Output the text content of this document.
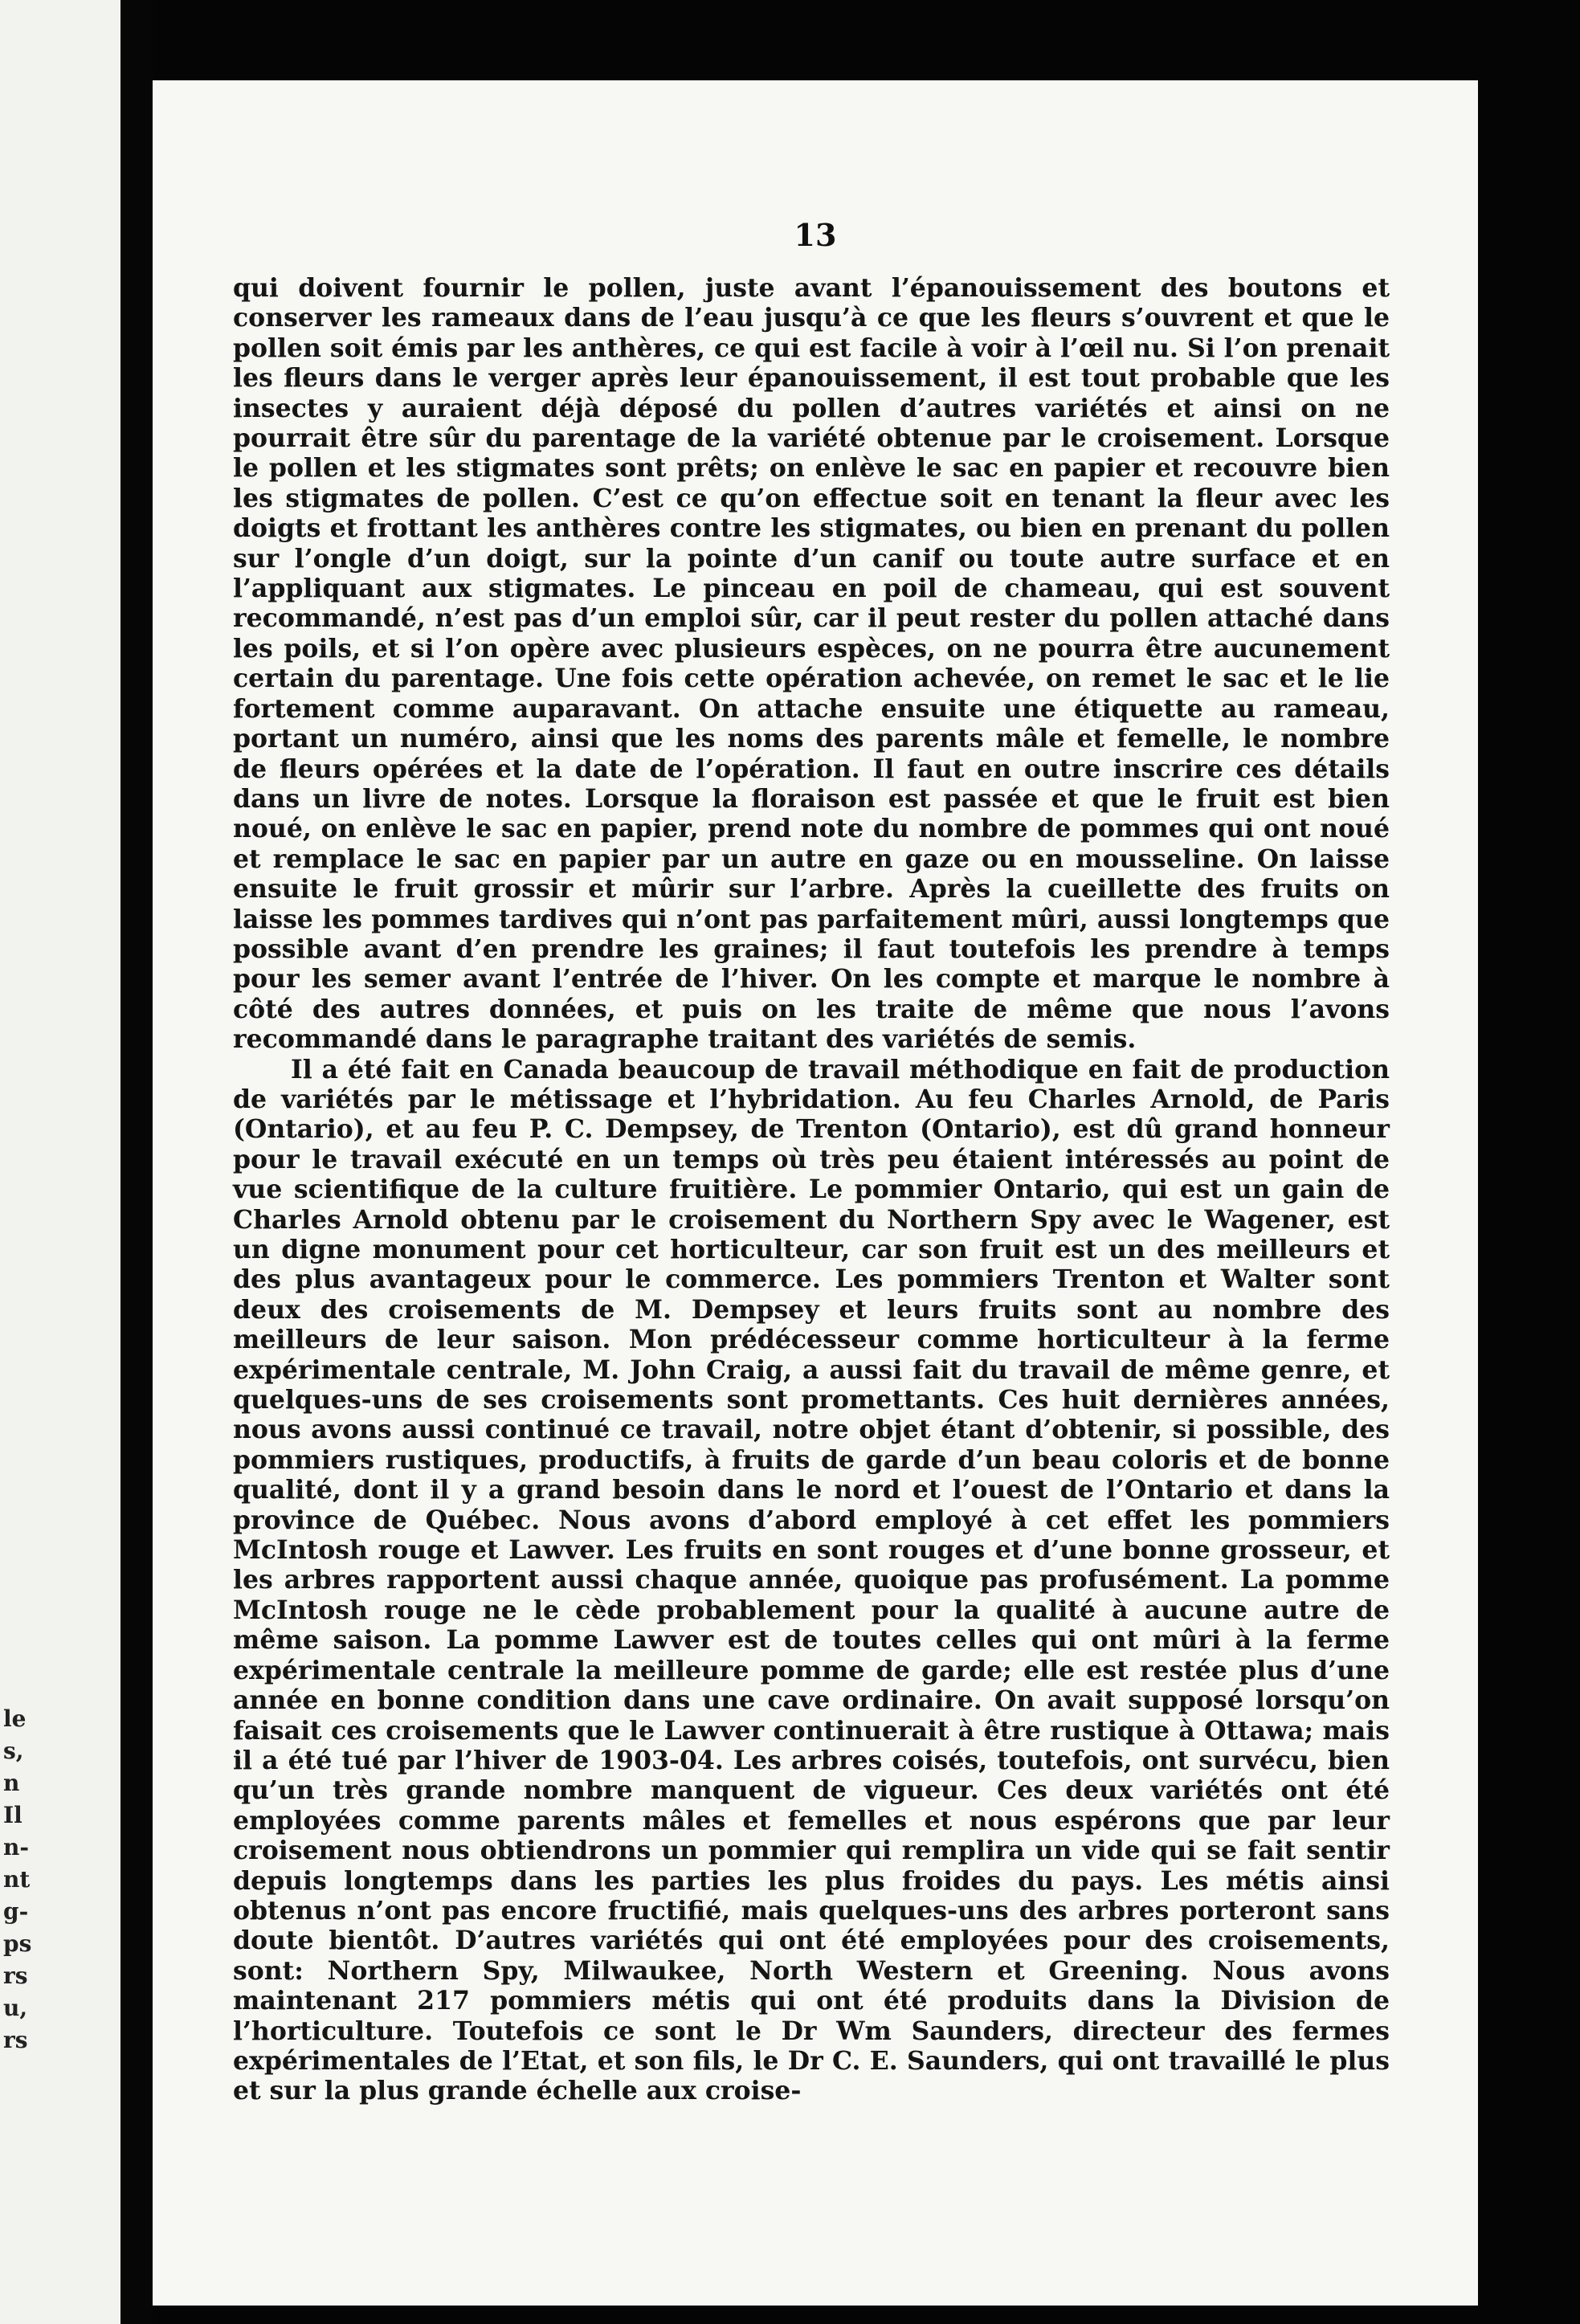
le
s,
n
Il
n-
nt
g-
ps
rs
u,
rs
13

qui doivent fournir le pollen, juste avant l’épanouissement des boutons et conserver les rameaux dans de l’eau jusqu’à ce que les fleurs s’ouvrent et que le pollen soit émis par les anthères, ce qui est facile à voir à l’œil nu. Si l’on prenait les fleurs dans le verger après leur épanouissement, il est tout probable que les insectes y auraient déjà déposé du pollen d’autres variétés et ainsi on ne pourrait être sûr du parentage de la variété obtenue par le croisement. Lorsque le pollen et les stigmates sont prêts; on enlève le sac en papier et recouvre bien les stigmates de pollen. C’est ce qu’on effectue soit en tenant la fleur avec les doigts et frottant les anthères contre les stigmates, ou bien en prenant du pollen sur l’ongle d’un doigt, sur la pointe d’un canif ou toute autre surface et en l’appliquant aux stigmates. Le pinceau en poil de chameau, qui est souvent recommandé, n’est pas d’un emploi sûr, car il peut rester du pollen attaché dans les poils, et si l’on opère avec plusieurs espèces, on ne pourra être aucunement certain du parentage. Une fois cette opération achevée, on remet le sac et le lie fortement comme auparavant. On attache ensuite une étiquette au rameau, portant un numéro, ainsi que les noms des parents mâle et femelle, le nombre de fleurs opérées et la date de l’opération. Il faut en outre inscrire ces détails dans un livre de notes. Lorsque la floraison est passée et que le fruit est bien noué, on enlève le sac en papier, prend note du nombre de pommes qui ont noué et remplace le sac en papier par un autre en gaze ou en mousseline. On laisse ensuite le fruit grossir et mûrir sur l’arbre. Après la cueillette des fruits on laisse les pommes tardives qui n’ont pas parfaitement mûri, aussi longtemps que possible avant d’en prendre les graines; il faut toutefois les prendre à temps pour les semer avant l’entrée de l’hiver. On les compte et marque le nombre à côté des autres données, et puis on les traite de même que nous l’avons recommandé dans le paragraphe traitant des variétés de semis.

Il a été fait en Canada beaucoup de travail méthodique en fait de production de variétés par le métissage et l’hybridation. Au feu Charles Arnold, de Paris (Ontario), et au feu P. C. Dempsey, de Trenton (Ontario), est dû grand honneur pour le travail exécuté en un temps où très peu étaient intéressés au point de vue scientifique de la culture fruitière. Le pommier Ontario, qui est un gain de Charles Arnold obtenu par le croisement du Northern Spy avec le Wagener, est un digne monument pour cet horticulteur, car son fruit est un des meilleurs et des plus avantageux pour le commerce. Les pommiers Trenton et Walter sont deux des croisements de M. Dempsey et leurs fruits sont au nombre des meilleurs de leur saison. Mon prédécesseur comme horticulteur à la ferme expérimentale centrale, M. John Craig, a aussi fait du travail de même genre, et quelques-uns de ses croisements sont promettants. Ces huit dernières années, nous avons aussi continué ce travail, notre objet étant d’obtenir, si possible, des pommiers rustiques, productifs, à fruits de garde d’un beau coloris et de bonne qualité, dont il y a grand besoin dans le nord et l’ouest de l’Ontario et dans la province de Québec. Nous avons d’abord employé à cet effet les pommiers McIntosh rouge et Lawver. Les fruits en sont rouges et d’une bonne grosseur, et les arbres rapportent aussi chaque année, quoique pas profusément. La pomme McIntosh rouge ne le cède probablement pour la qualité à aucune autre de même saison. La pomme Lawver est de toutes celles qui ont mûri à la ferme expérimentale centrale la meilleure pomme de garde; elle est restée plus d’une année en bonne condition dans une cave ordinaire. On avait supposé lorsqu’on faisait ces croisements que le Lawver continuerait à être rustique à Ottawa; mais il a été tué par l’hiver de 1903-04. Les arbres coisés, toutefois, ont survécu, bien qu’un très grande nombre manquent de vigueur. Ces deux variétés ont été employées comme parents mâles et femelles et nous espérons que par leur croisement nous obtiendrons un pommier qui remplira un vide qui se fait sentir depuis longtemps dans les parties les plus froides du pays. Les métis ainsi obtenus n’ont pas encore fructifié, mais quelques-uns des arbres porteront sans doute bientôt. D’autres variétés qui ont été employées pour des croisements, sont: Northern Spy, Milwaukee, North Western et Greening. Nous avons maintenant 217 pommiers métis qui ont été produits dans la Division de l’horticulture. Toutefois ce sont le Dr Wm Saunders, directeur des fermes expérimentales de l’Etat, et son fils, le Dr C. E. Saunders, qui ont travaillé le plus et sur la plus grande échelle aux croise-
